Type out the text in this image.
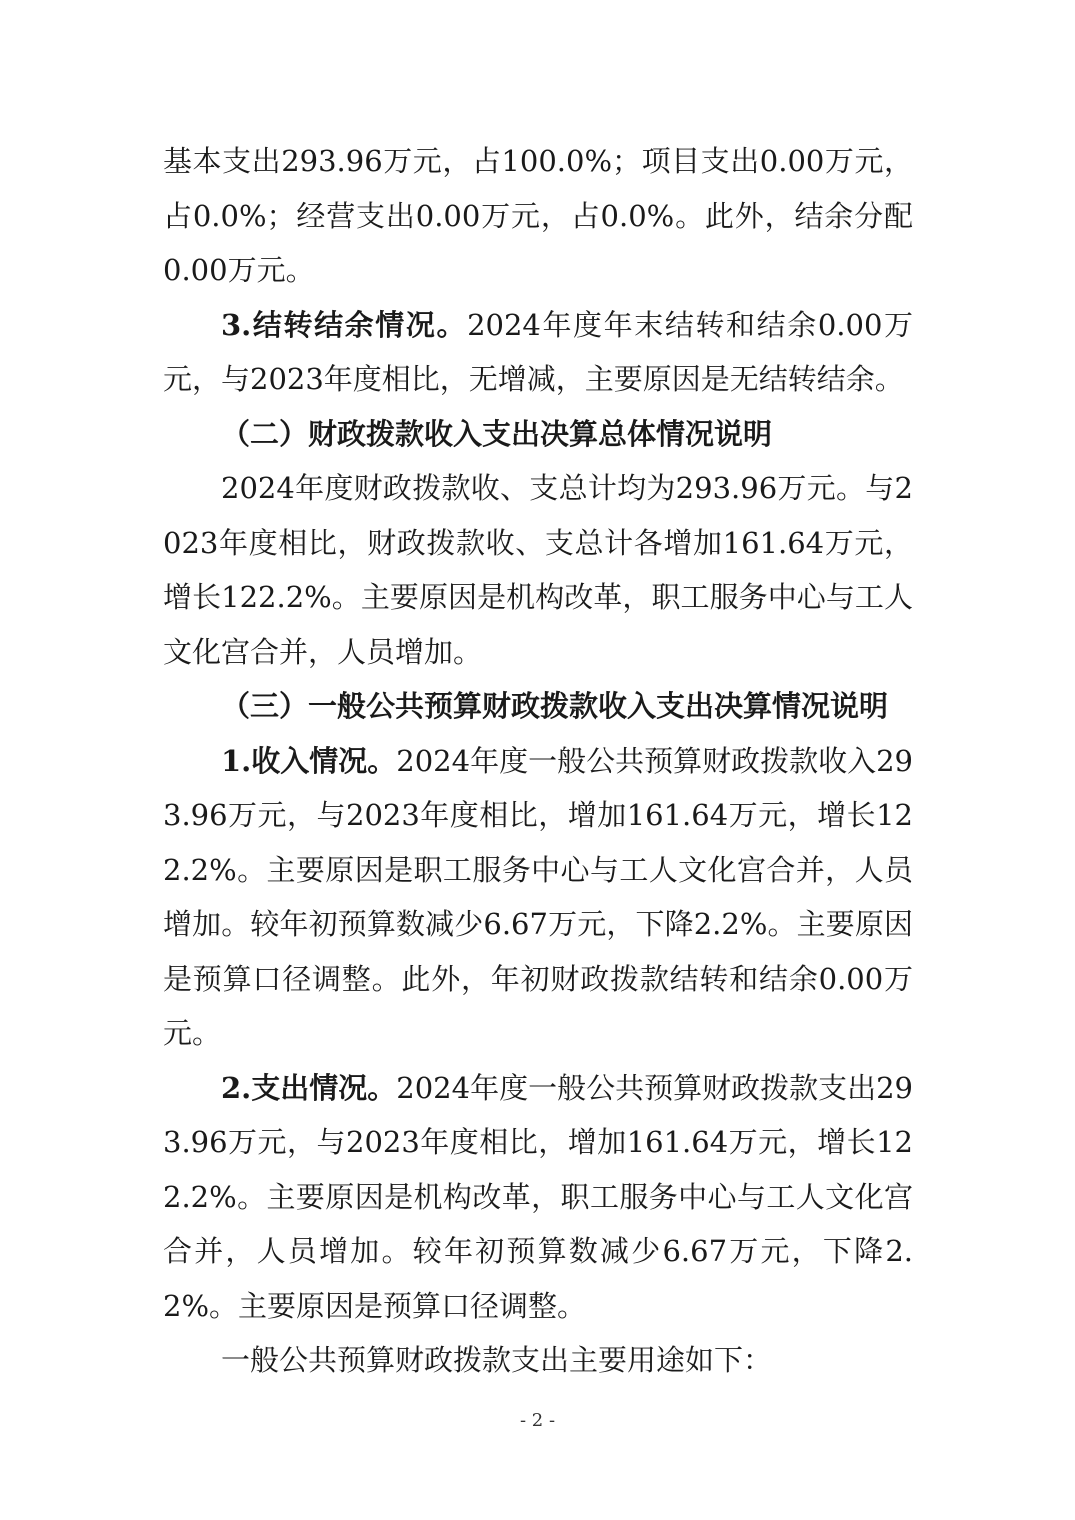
基本支出293.96万元，占100.0%；项目支出0.00万元，占0.0%；经营支出0.00万元，占0.0%。此外，结余分配0.00万元。

3.结转结余情况。2024年度年末结转和结余0.00万元，与2023年度相比，无增减，主要原因是无结转结余。

（二）财政拨款收入支出决算总体情况说明

2024年度财政拨款收、支总计均为293.96万元。与2023年度相比，财政拨款收、支总计各增加161.64万元，增长122.2%。主要原因是机构改革，职工服务中心与工人文化宫合并，人员增加。

（三）一般公共预算财政拨款收入支出决算情况说明

1.收入情况。2024年度一般公共预算财政拨款收入293.96万元，与2023年度相比，增加161.64万元，增长122.2%。主要原因是职工服务中心与工人文化宫合并，人员增加。较年初预算数减少6.67万元，下降2.2%。主要原因是预算口径调整。此外，年初财政拨款结转和结余0.00万元。

2.支出情况。2024年度一般公共预算财政拨款支出293.96万元，与2023年度相比，增加161.64万元，增长122.2%。主要原因是机构改革，职工服务中心与工人文化宫合并，人员增加。较年初预算数减少6.67万元，下降2.2%。主要原因是预算口径调整。

一般公共预算财政拨款支出主要用途如下：

- 2 -
